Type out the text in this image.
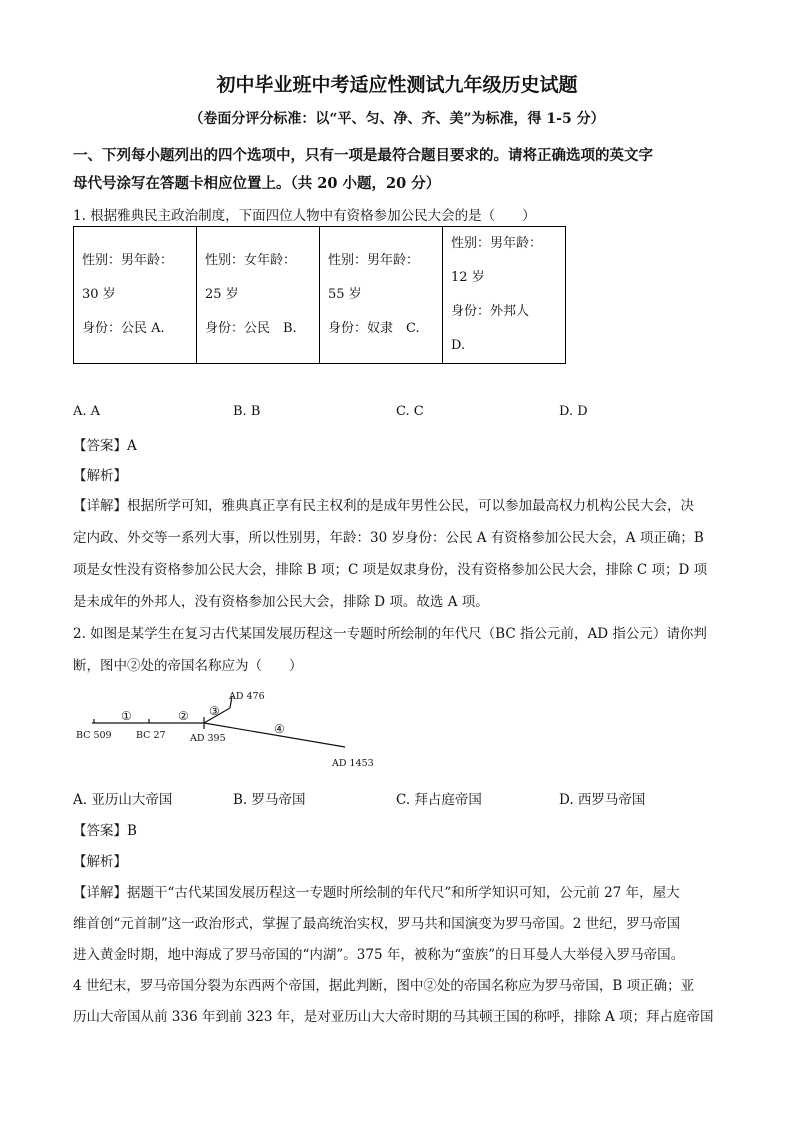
初中毕业班中考适应性测试九年级历史试题
（卷面分评分标准：以“平、匀、净、齐、美”为标准，得 1-5 分）
一、下列每小题列出的四个选项中，只有一项是最符合题目要求的。请将正确选项的英文字
母代号涂写在答题卡相应位置上。（共 20 小题，20 分）
1. 根据雅典民主政治制度，下面四位人物中有资格参加公民大会的是（　　）
性别：男年龄：
30 岁
身份：公民 A.

性别：女年龄：
25 岁
身份：公民　B.

性别：男年龄：
55 岁
身份：奴隶　C.

性别：男年龄：
12 岁
身份：外邦人
D.
A. A	B. B	C. C	D. D
【答案】A
【解析】
【详解】根据所学可知，雅典真正享有民主权利的是成年男性公民，可以参加最高权力机构公民大会，决
定内政、外交等一系列大事，所以性别男，年龄：30 岁身份：公民 A 有资格参加公民大会，A 项正确；B
项是女性没有资格参加公民大会，排除 B 项；C 项是奴隶身份，没有资格参加公民大会，排除 C 项；D 项
是未成年的外邦人，没有资格参加公民大会，排除 D 项。故选 A 项。
2. 如图是某学生在复习古代某国发展历程这一专题时所绘制的年代尺（BC 指公元前，AD 指公元）请你判
断，图中②处的帝国名称应为（　　）
BC 509	BC 27	AD 395
AD 476
AD 1453
①	② ③
④
A. 亚历山大帝国	B. 罗马帝国	C. 拜占庭帝国	D. 西罗马帝国
【答案】B
【解析】
【详解】据题干“古代某国发展历程这一专题时所绘制的年代尺”和所学知识可知，公元前 27 年，屋大
维首创“元首制”这一政治形式，掌握了最高统治实权，罗马共和国演变为罗马帝国。2 世纪，罗马帝国
进入黄金时期，地中海成了罗马帝国的“内湖”。375 年，被称为“蛮族”的日耳曼人大举侵入罗马帝国。
4 世纪末，罗马帝国分裂为东西两个帝国，据此判断，图中②处的帝国名称应为罗马帝国，B 项正确；亚
历山大帝国从前 336 年到前 323 年，是对亚历山大大帝时期的马其顿王国的称呼，排除 A 项；拜占庭帝国
